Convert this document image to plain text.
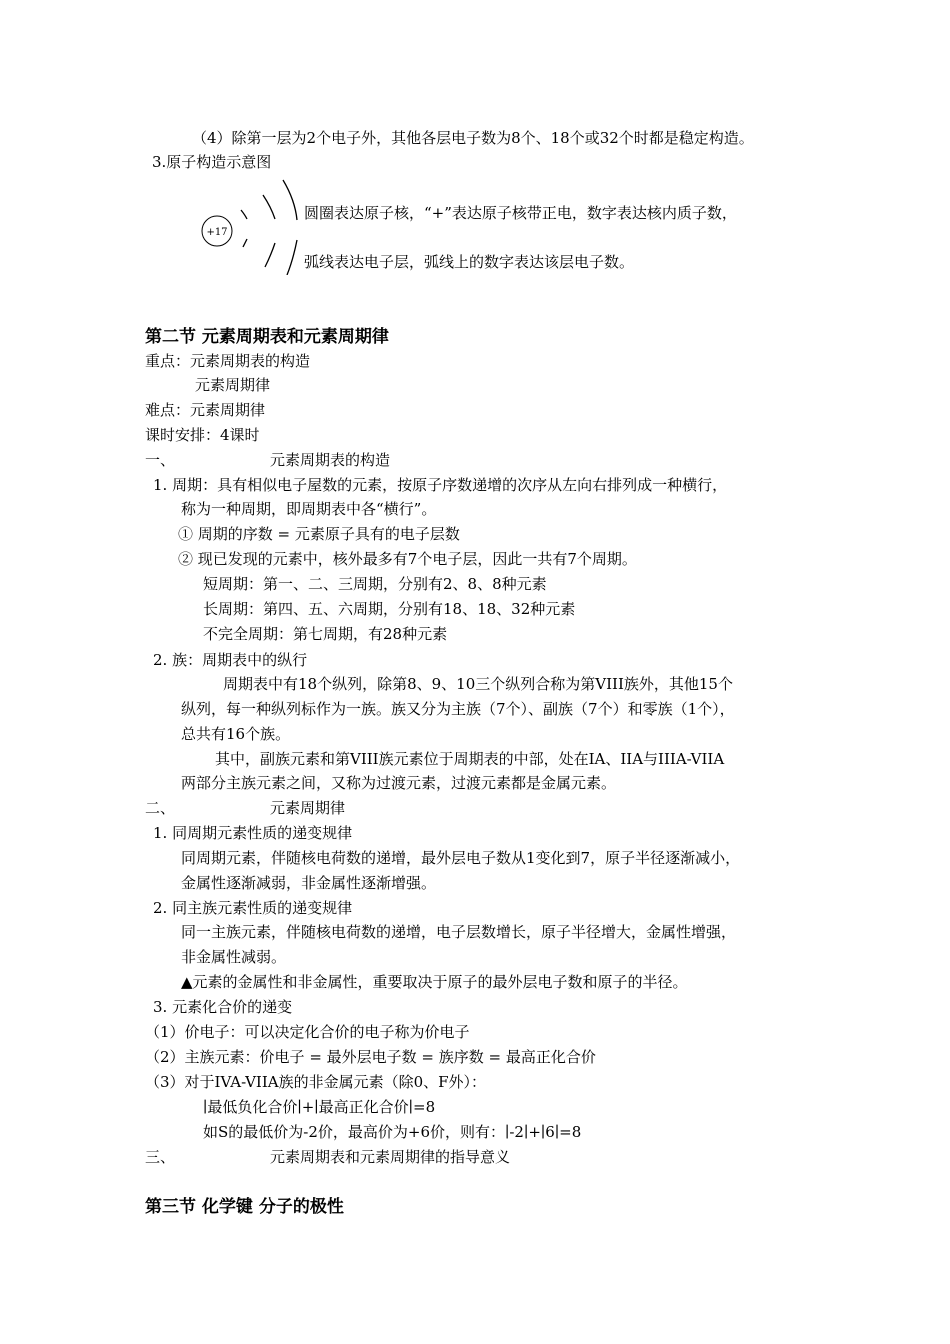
（4）除第一层为2个电子外，其他各层电子数为8个、18个或32个时都是稳定构造。
3.原子构造示意图
+17
圆圈表达原子核，“+”表达原子核带正电，数字表达核内质子数，
弧线表达电子层，弧线上的数字表达该层电子数。
第二节 元素周期表和元素周期律
重点：元素周期表的构造
元素周期律
难点：元素周期律
课时安排：4课时
一、	元素周期表的构造
1. 周期：具有相似电子屋数的元素，按原子序数递增的次序从左向右排列成一种横行，
称为一种周期，即周期表中各“横行”。
① 周期的序数 = 元素原子具有的电子层数
② 现已发现的元素中，核外最多有7个电子层，因此一共有7个周期。
短周期：第一、二、三周期，分别有2、8、8种元素
长周期：第四、五、六周期，分别有18、18、32种元素
不完全周期：第七周期，有28种元素
2. 族：周期表中的纵行
周期表中有18个纵列，除第8、9、10三个纵列合称为第VIII族外，其他15个
纵列，每一种纵列标作为一族。族又分为主族（7个）、副族（7个）和零族（1个），
总共有16个族。
其中，副族元素和第VIII族元素位于周期表的中部，处在IA、IIA与IIIA-VIIA
两部分主族元素之间，又称为过渡元素，过渡元素都是金属元素。
二、	元素周期律
1. 同周期元素性质的递变规律
同周期元素，伴随核电荷数的递增，最外层电子数从1变化到7，原子半径逐渐减小，
金属性逐渐减弱，非金属性逐渐增强。
2. 同主族元素性质的递变规律
同一主族元素，伴随核电荷数的递增，电子层数增长，原子半径增大，金属性增强，
非金属性减弱。
▲元素的金属性和非金属性，重要取决于原子的最外层电子数和原子的半径。
3. 元素化合价的递变
（1）价电子：可以决定化合价的电子称为价电子
（2）主族元素：价电子 = 最外层电子数 = 族序数 = 最高正化合价
（3）对于IVA-VIIA族的非金属元素（除0、F外）：
∣最低负化合价∣+∣最高正化合价∣=8
如S的最低价为-2价，最高价为+6价，则有：∣-2∣+∣6∣=8
三、	元素周期表和元素周期律的指导意义
第三节 化学键 分子的极性
